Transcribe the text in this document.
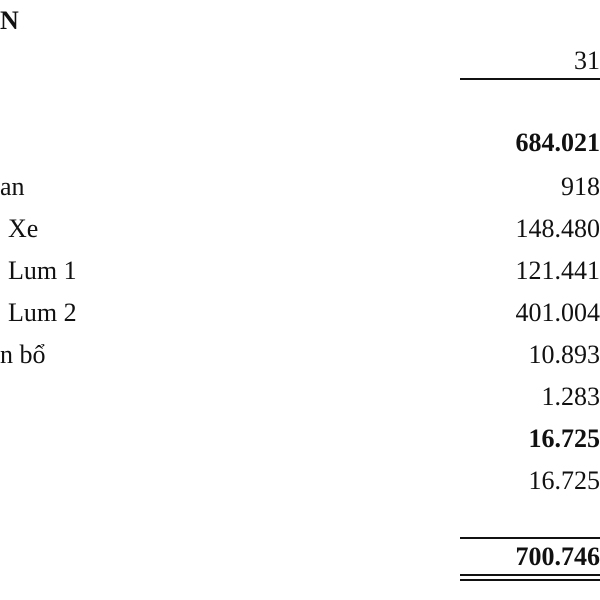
N
31
684.021
an	918
Xe	148.480
Lum 1	121.441
Lum 2	401.004
n bổ	10.893
1.283
16.725
16.725
700.746
